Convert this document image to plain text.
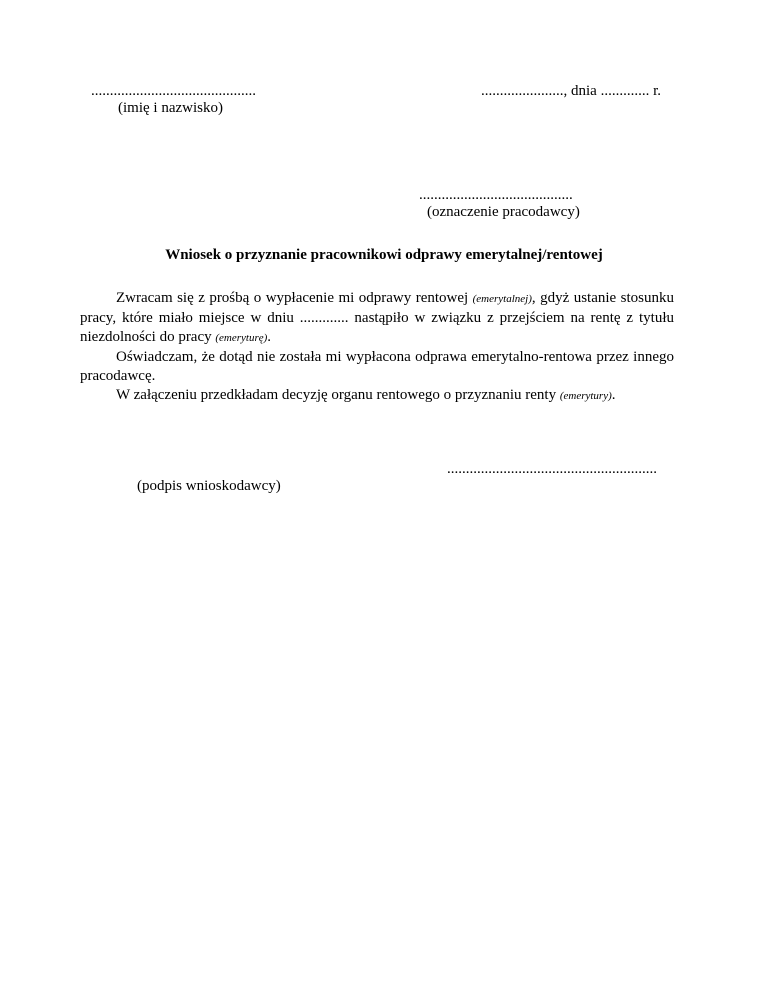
............................................
(imię i nazwisko)
......................, dnia ............. r.
.........................................
(oznaczenie pracodawcy)
Wniosek o przyznanie pracownikowi odprawy emerytalnej/rentowej

Zwracam się z prośbą o wypłacenie mi odprawy rentowej (emerytalnej), gdyż ustanie stosunku pracy, które miało miejsce w dniu ............. nastąpiło w związku z przejściem na rentę z tytułu niezdolności do pracy (emeryturę).

Oświadczam, że dotąd nie została mi wypłacona odprawa emerytalno-rentowa przez innego pracodawcę.

W załączeniu przedkładam decyzję organu rentowego o przyznaniu renty (emerytury).

........................................................
(podpis wnioskodawcy)
